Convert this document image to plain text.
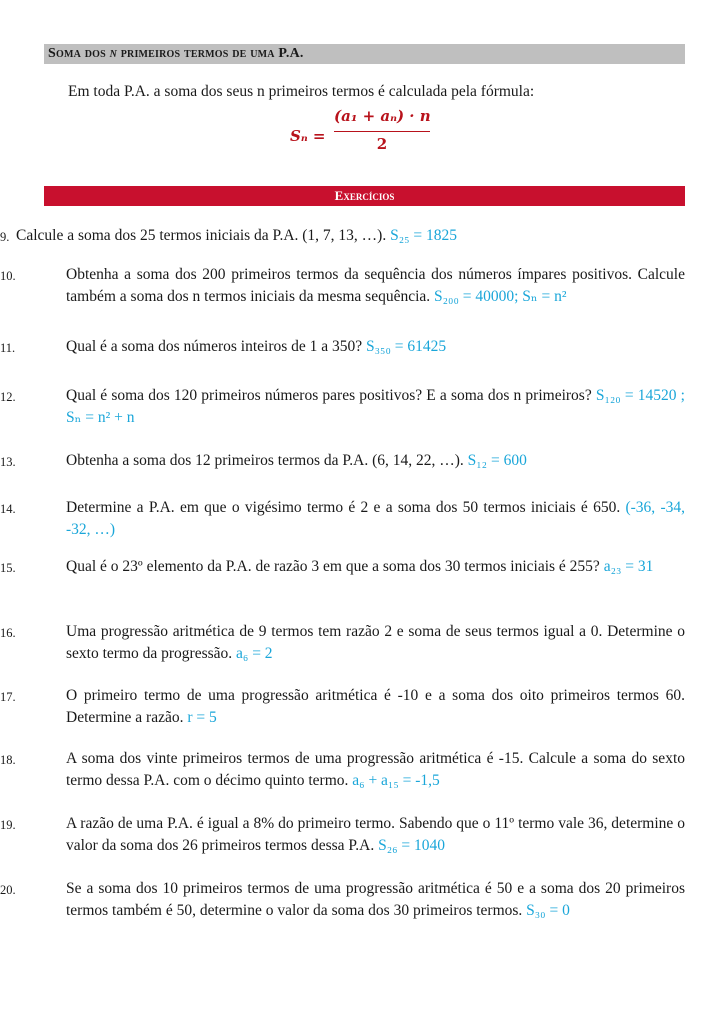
Soma dos n primeiros termos de uma P.A.
Em toda P.A. a soma dos seus n primeiros termos é calculada pela fórmula:
Sₙ =
(a₁ + aₙ) · n
2
Exercícios
9. Calcule a soma dos 25 termos iniciais da P.A. (1, 7, 13, …). S₂₅ = 1825
10.	Obtenha a soma dos 200 primeiros termos da sequência dos números ímpares positivos. Calcule também a soma dos n termos iniciais da mesma sequência. S₂₀₀ = 40000; Sₙ = n²
11.	Qual é a soma dos números inteiros de 1 a 350? S₃₅₀ = 61425
12.	Qual é soma dos 120 primeiros números pares positivos? E a soma dos n primeiros? S₁₂₀ = 14520 ; Sₙ = n² + n
13.	Obtenha a soma dos 12 primeiros termos da P.A. (6, 14, 22, …). S₁₂ = 600
14.	Determine a P.A. em que o vigésimo termo é 2 e a soma dos 50 termos iniciais é 650. (-36, -34, -32, …)
15.	Qual é o 23º elemento da P.A. de razão 3 em que a soma dos 30 termos iniciais é 255? a₂₃ = 31
16.	Uma progressão aritmética de 9 termos tem razão 2 e soma de seus termos igual a 0. Determine o sexto termo da progressão. a₆ = 2
17.	O primeiro termo de uma progressão aritmética é -10 e a soma dos oito primeiros termos 60. Determine a razão. r = 5
18.	A soma dos vinte primeiros termos de uma progressão aritmética é -15. Calcule a soma do sexto termo dessa P.A. com o décimo quinto termo. a₆ + a₁₅ = -1,5
19.	A razão de uma P.A. é igual a 8% do primeiro termo. Sabendo que o 11º termo vale 36, determine o valor da soma dos 26 primeiros termos dessa P.A. S₂₆ = 1040
20.	Se a soma dos 10 primeiros termos de uma progressão aritmética é 50 e a soma dos 20 primeiros termos também é 50, determine o valor da soma dos 30 primeiros termos. S₃₀ = 0
